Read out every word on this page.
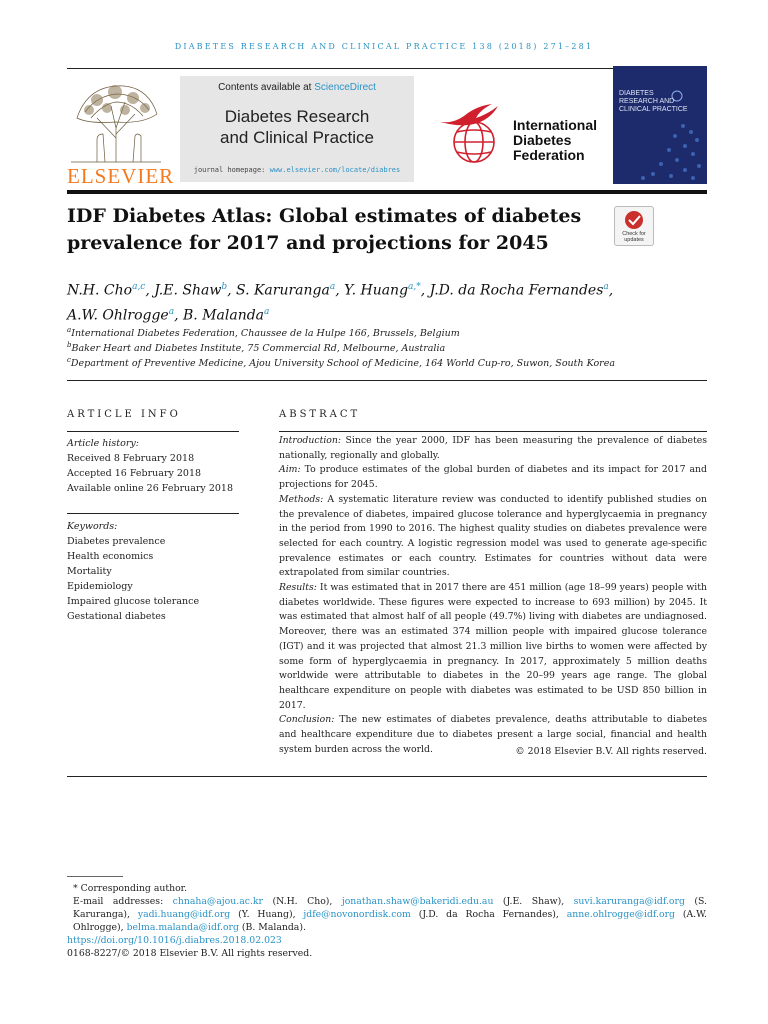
DIABETES RESEARCH AND CLINICAL PRACTICE 138 (2018) 271–281
ELSEVIER
Contents available at ScienceDirect
Diabetes Research
and Clinical Practice
journal homepage: www.elsevier.com/locate/diabres
International
Diabetes
Federation
DIABETES
RESEARCH AND
CLINICAL PRACTICE
IDF Diabetes Atlas: Global estimates of diabetes
prevalence for 2017 and projections for 2045	Check for
updates
N.H. Cho$^{a,c}$, J.E. Shaw$^b$, S. Karuranga$^a$, Y. Huang$^{a,*}$, J.D. da Rocha Fernandes$^a$,
A.W. Ohlrogge$^a$, B. Malanda$^a$
$^a$International Diabetes Federation, Chaussee de la Hulpe 166, Brussels, Belgium
$^b$Baker Heart and Diabetes Institute, 75 Commercial Rd, Melbourne, Australia
$^c$Department of Preventive Medicine, Ajou University School of Medicine, 164 World Cup-ro, Suwon, South Korea
ARTICLE INFO
Article history:
Received 8 February 2018
Accepted 16 February 2018
Available online 26 February 2018
Keywords:
Diabetes prevalence
Health economics
Mortality
Epidemiology
Impaired glucose tolerance
Gestational diabetes
ABSTRACT

Introduction: Since the year 2000, IDF has been measuring the prevalence of diabetes nationally, regionally and globally.

Aim: To produce estimates of the global burden of diabetes and its impact for 2017 and projections for 2045.

Methods: A systematic literature review was conducted to identify published studies on the prevalence of diabetes, impaired glucose tolerance and hyperglycaemia in pregnancy in the period from 1990 to 2016. The highest quality studies on diabetes prevalence were selected for each country. A logistic regression model was used to generate age-specific prevalence estimates or each country. Estimates for countries without data were extrapolated from similar countries.

Results: It was estimated that in 2017 there are 451 million (age 18–99 years) people with diabetes worldwide. These figures were expected to increase to 693 million) by 2045. It was estimated that almost half of all people (49.7%) living with diabetes are undiagnosed. Moreover, there was an estimated 374 million people with impaired glucose tolerance (IGT) and it was projected that almost 21.3 million live births to women were affected by some form of hyperglycaemia in pregnancy. In 2017, approximately 5 million deaths worldwide were attributable to diabetes in the 20–99 years age range. The global healthcare expenditure on people with diabetes was estimated to be USD 850 billion in 2017.

Conclusion: The new estimates of diabetes prevalence, deaths attributable to diabetes and healthcare expenditure due to diabetes present a large social, financial and health system burden across the world.	© 2018 Elsevier B.V. All rights reserved.

* Corresponding author.

E-mail addresses: chnaha@ajou.ac.kr (N.H. Cho), jonathan.shaw@bakeridi.edu.au (J.E. Shaw), suvi.karuranga@idf.org (S. Karuranga), yadi.huang@idf.org (Y. Huang), jdfe@novonordisk.com (J.D. da Rocha Fernandes), anne.ohlrogge@idf.org (A.W. Ohlrogge), belma.malanda@idf.org (B. Malanda).

https://doi.org/10.1016/j.diabres.2018.02.023

0168-8227/© 2018 Elsevier B.V. All rights reserved.
